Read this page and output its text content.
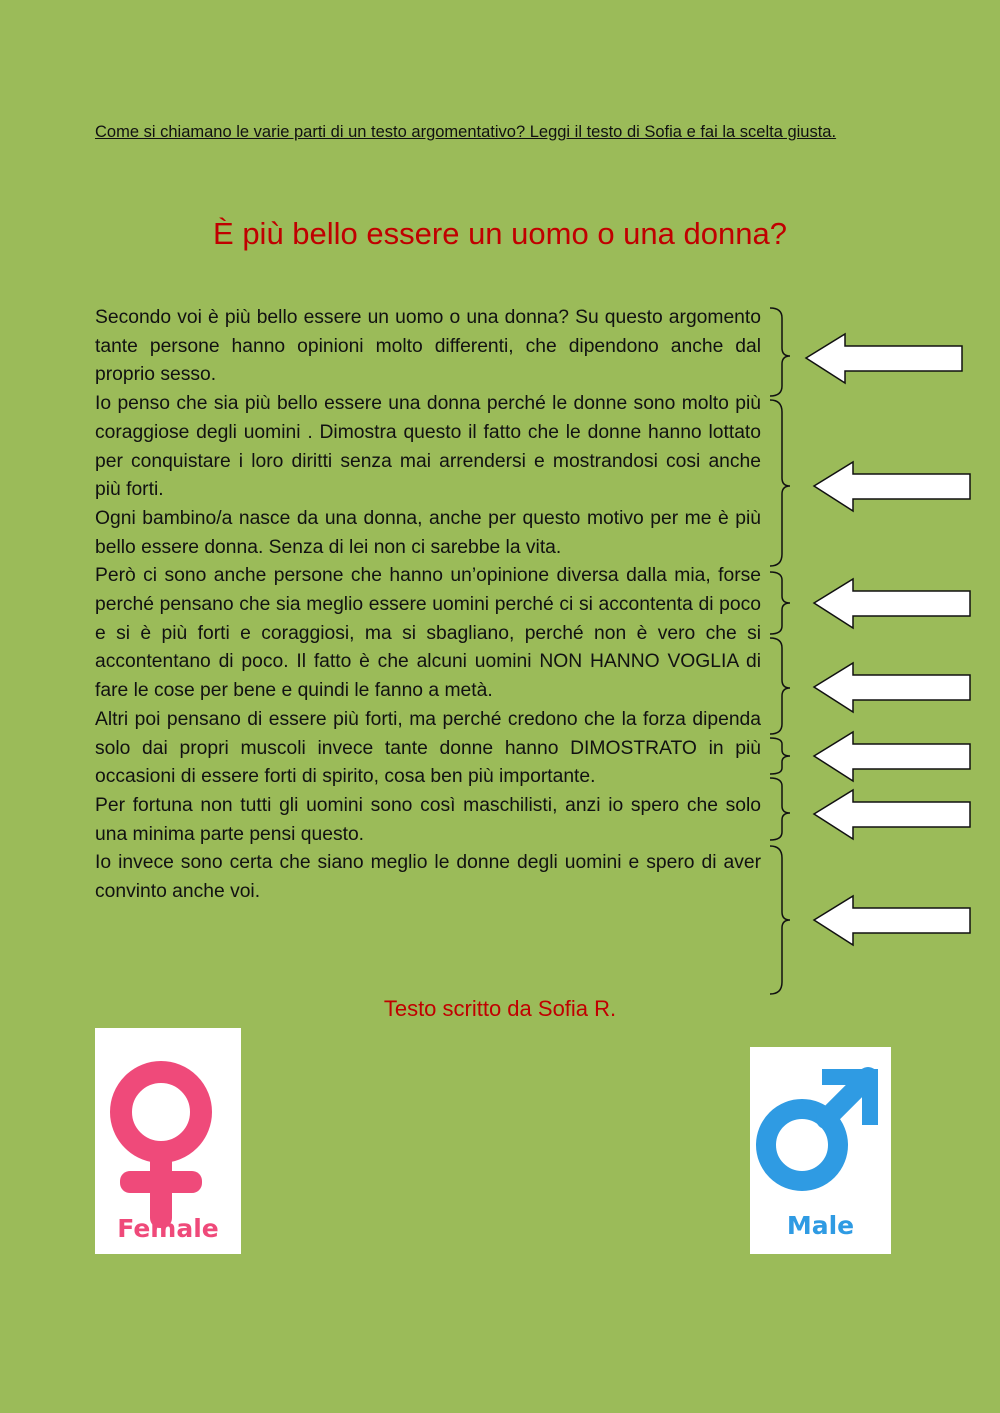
Come si chiamano le varie parti di un testo argomentativo? Leggi il testo di Sofia e fai la scelta giusta.
È più bello essere un uomo o una donna?

Secondo voi è più bello essere un uomo o una donna? Su questo argomento tante persone hanno opinioni molto differenti, che dipendono anche dal proprio sesso.

Io penso che sia più bello essere una donna perché le donne sono molto più coraggiose degli uomini . Dimostra questo il fatto che le donne hanno lottato per conquistare i loro diritti senza mai arrendersi e mostrandosi cosi anche più forti.

Ogni bambino/a nasce da una donna, anche per questo motivo per me è più bello essere donna. Senza di lei non ci sarebbe la vita.

Però ci sono anche persone che hanno un’opinione diversa dalla mia, forse perché pensano che sia meglio essere uomini perché ci si accontenta di poco e si è più forti e coraggiosi, ma si sbagliano, perché non è vero che si accontentano di poco. Il fatto è che alcuni uomini NON HANNO VOGLIA di fare le cose per bene e quindi le fanno a metà.

Altri poi pensano di essere più forti, ma perché credono che la forza dipenda solo dai propri muscoli invece tante donne hanno DIMOSTRATO in più occasioni di essere forti di spirito, cosa ben più importante.

Per fortuna non tutti gli uomini sono così maschilisti, anzi io spero che solo una minima parte pensi questo.

Io invece sono certa che siano meglio le donne degli uomini e spero di aver convinto anche voi.

Testo scritto da Sofia R.
Female	Male
